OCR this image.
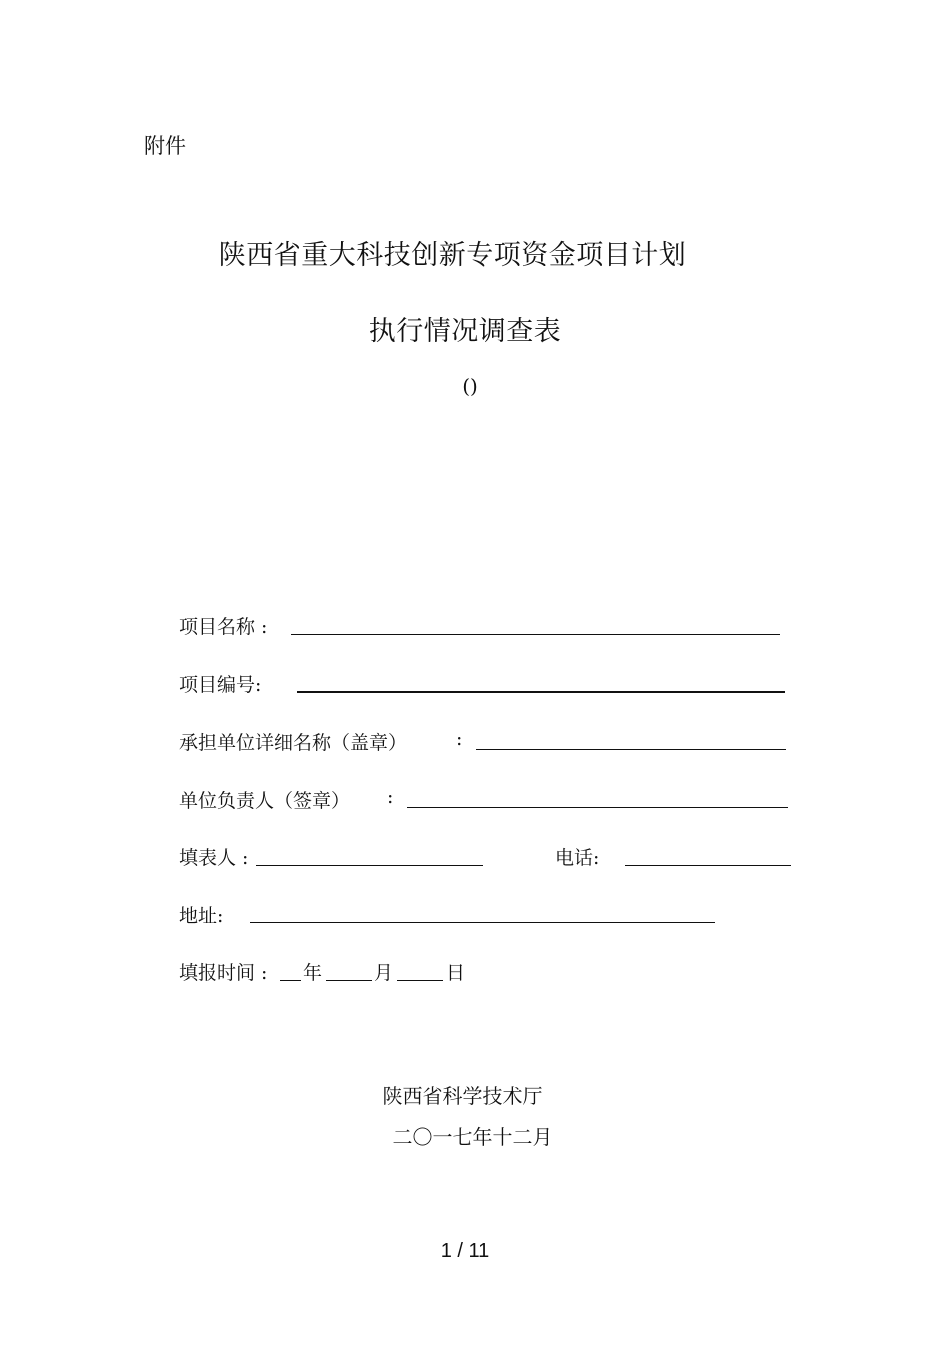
附件
陕西省重大科技创新专项资金项目计划
执行情况调查表
()
项目名称 :
项目编号:
承担单位详细名称（盖章）	:
单位负责人（签章） :
填表人 :	电话:
地址:
填报时间 : 年	月	日
陕西省科学技术厅
二〇一七年十二月
1 / 11
